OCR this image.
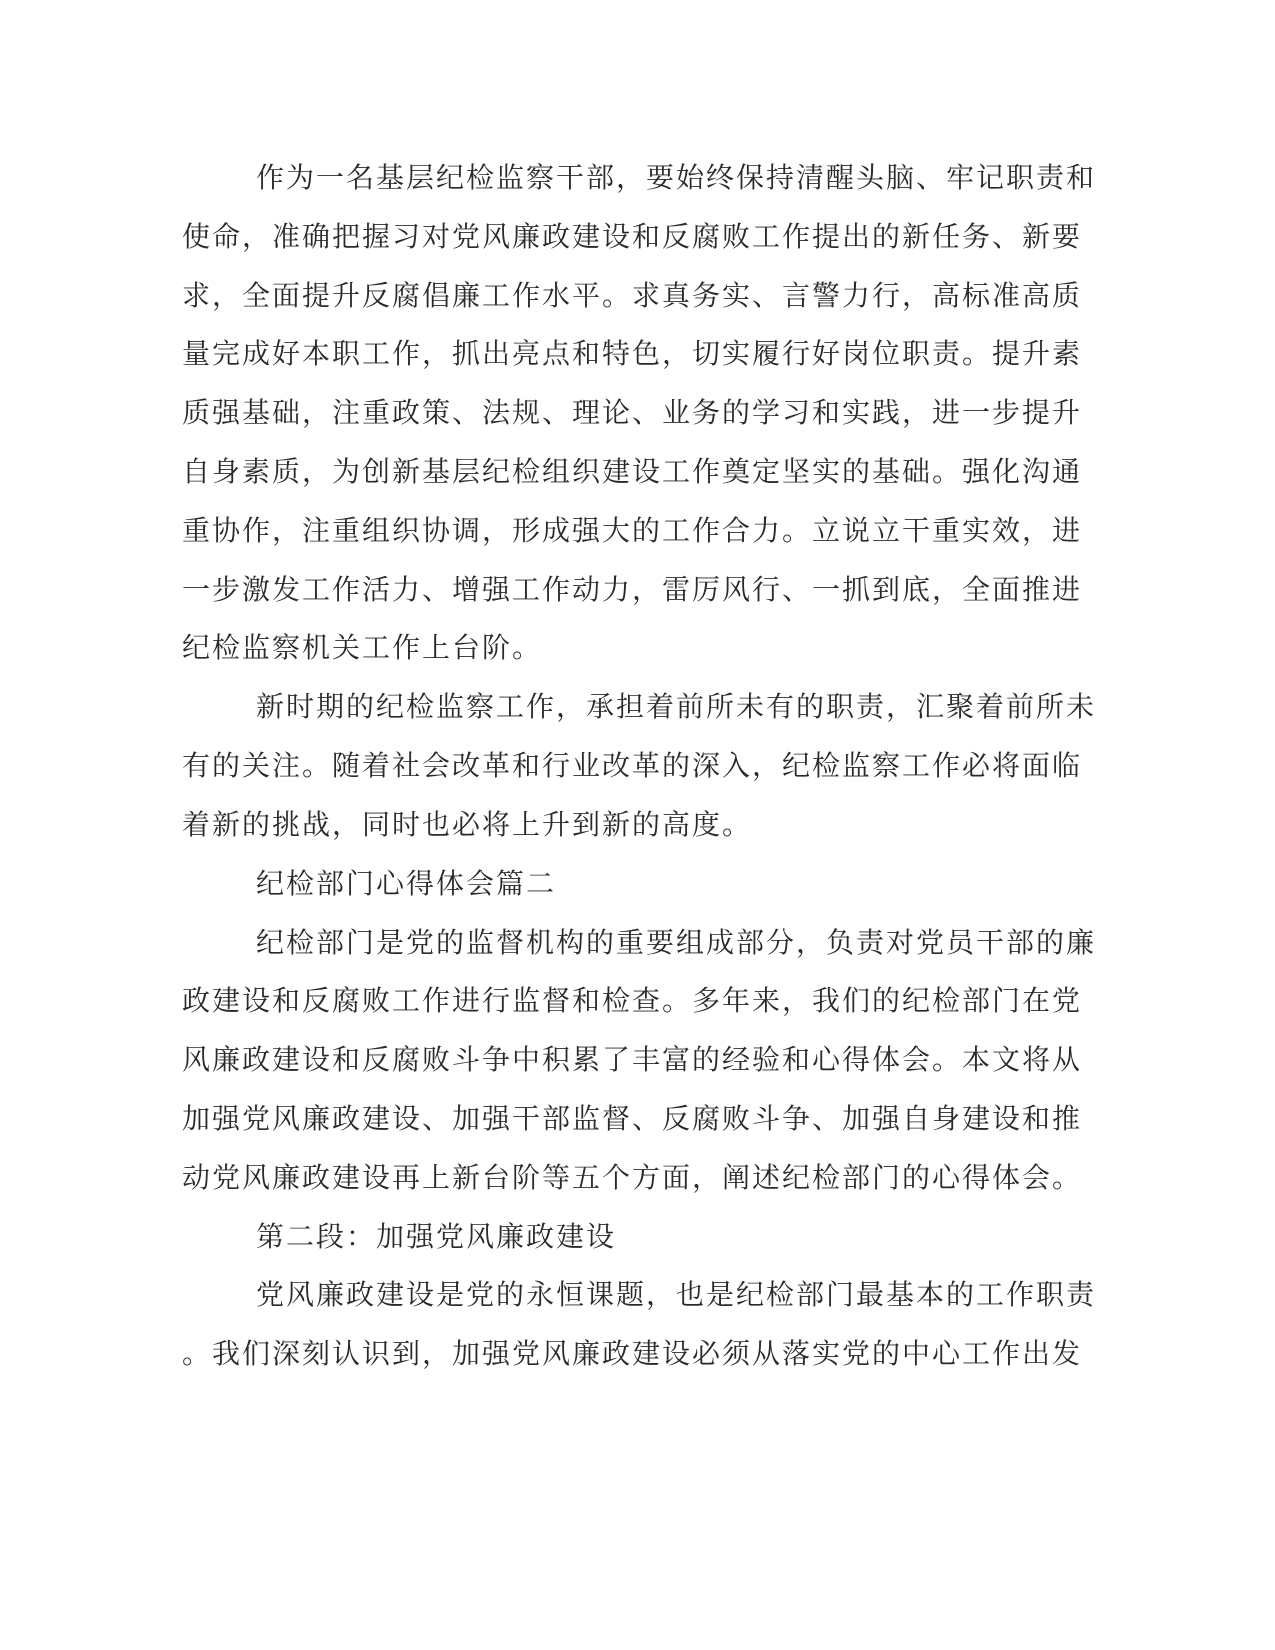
作为一名基层纪检监察干部，要始终保持清醒头脑、牢记职责和
使命，准确把握习对党风廉政建设和反腐败工作提出的新任务、新要
求，全面提升反腐倡廉工作水平。求真务实、言警力行，高标准高质
量完成好本职工作，抓出亮点和特色，切实履行好岗位职责。提升素
质强基础，注重政策、法规、理论、业务的学习和实践，进一步提升
自身素质，为创新基层纪检组织建设工作奠定坚实的基础。强化沟通
重协作，注重组织协调，形成强大的工作合力。立说立干重实效，进
一步激发工作活力、增强工作动力，雷厉风行、一抓到底，全面推进
纪检监察机关工作上台阶。
新时期的纪检监察工作，承担着前所未有的职责，汇聚着前所未
有的关注。随着社会改革和行业改革的深入，纪检监察工作必将面临
着新的挑战，同时也必将上升到新的高度。
纪检部门心得体会篇二
纪检部门是党的监督机构的重要组成部分，负责对党员干部的廉
政建设和反腐败工作进行监督和检查。多年来，我们的纪检部门在党
风廉政建设和反腐败斗争中积累了丰富的经验和心得体会。本文将从
加强党风廉政建设、加强干部监督、反腐败斗争、加强自身建设和推
动党风廉政建设再上新台阶等五个方面，阐述纪检部门的心得体会。
第二段：加强党风廉政建设
党风廉政建设是党的永恒课题，也是纪检部门最基本的工作职责
。我们深刻认识到，加强党风廉政建设必须从落实党的中心工作出发
